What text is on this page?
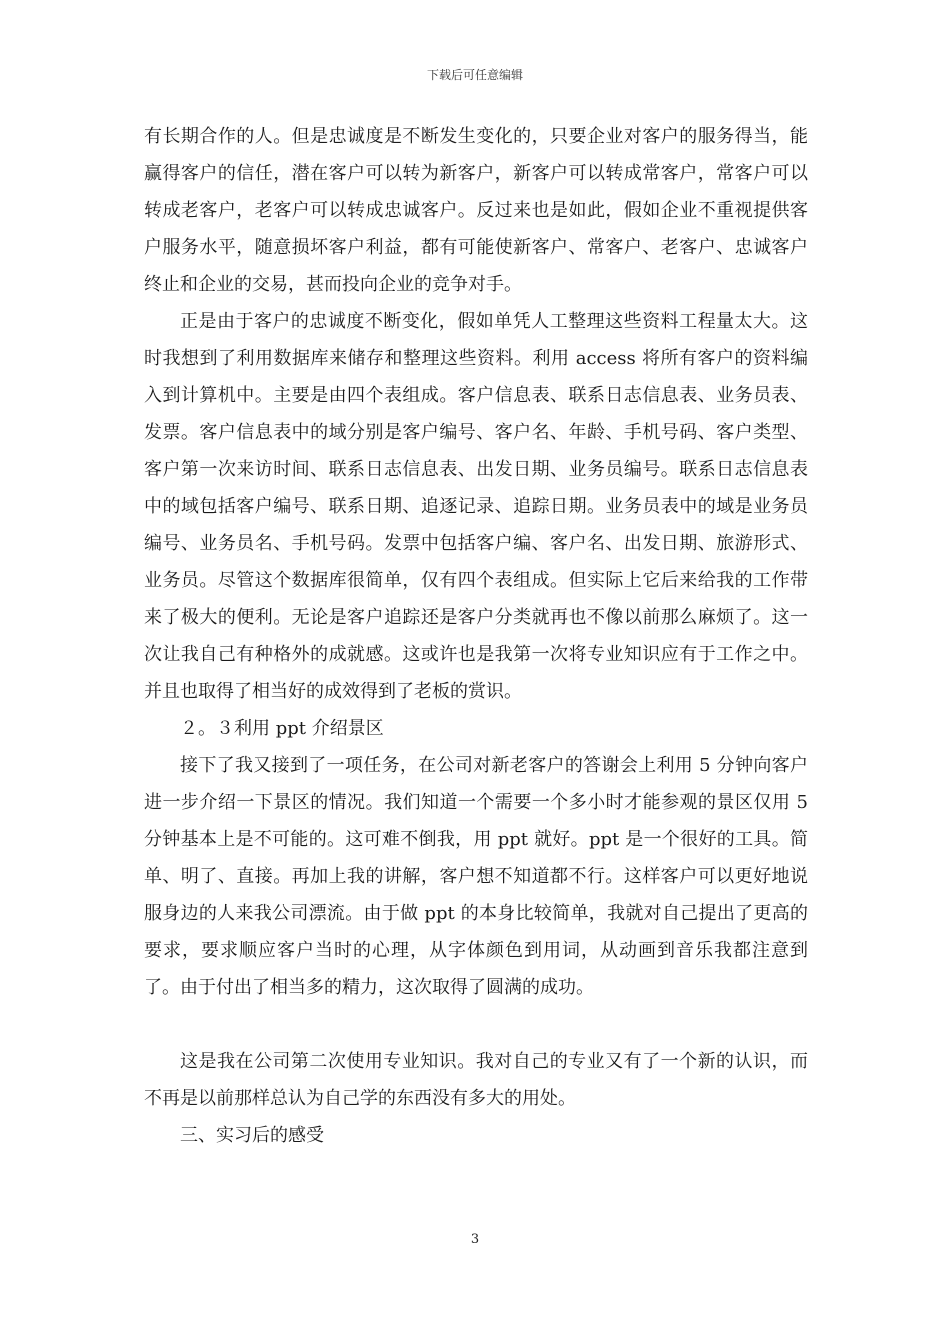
下载后可任意编辑

有长期合作的人。但是忠诚度是不断发生变化的，只要企业对客户的服务得当，能赢得客户的信任，潜在客户可以转为新客户，新客户可以转成常客户，常客户可以转成老客户，老客户可以转成忠诚客户。反过来也是如此，假如企业不重视提供客户服务水平，随意损坏客户利益，都有可能使新客户、常客户、老客户、忠诚客户终止和企业的交易，甚而投向企业的竞争对手。

正是由于客户的忠诚度不断变化，假如单凭人工整理这些资料工程量太大。这时我想到了利用数据库来储存和整理这些资料。利用 access 将所有客户的资料编入到计算机中。主要是由四个表组成。客户信息表、联系日志信息表、业务员表、发票。客户信息表中的域分别是客户编号、客户名、年龄、手机号码、客户类型、客户第一次来访时间、联系日志信息表、出发日期、业务员编号。联系日志信息表中的域包括客户编号、联系日期、追逐记录、追踪日期。业务员表中的域是业务员编号、业务员名、手机号码。发票中包括客户编、客户名、出发日期、旅游形式、业务员。尽管这个数据库很简单，仅有四个表组成。但实际上它后来给我的工作带来了极大的便利。无论是客户追踪还是客户分类就再也不像以前那么麻烦了。这一次让我自己有种格外的成就感。这或许也是我第一次将专业知识应有于工作之中。并且也取得了相当好的成效得到了老板的赏识。

２。３利用 ppt 介绍景区

接下了我又接到了一项任务，在公司对新老客户的答谢会上利用 5 分钟向客户进一步介绍一下景区的情况。我们知道一个需要一个多小时才能参观的景区仅用 5 分钟基本上是不可能的。这可难不倒我，用 ppt 就好。ppt 是一个很好的工具。简单、明了、直接。再加上我的讲解，客户想不知道都不行。这样客户可以更好地说服身边的人来我公司漂流。由于做 ppt 的本身比较简单，我就对自己提出了更高的要求，要求顺应客户当时的心理，从字体颜色到用词，从动画到音乐我都注意到了。由于付出了相当多的精力，这次取得了圆满的成功。

这是我在公司第二次使用专业知识。我对自己的专业又有了一个新的认识，而不再是以前那样总认为自己学的东西没有多大的用处。

三、实习后的感受

3
